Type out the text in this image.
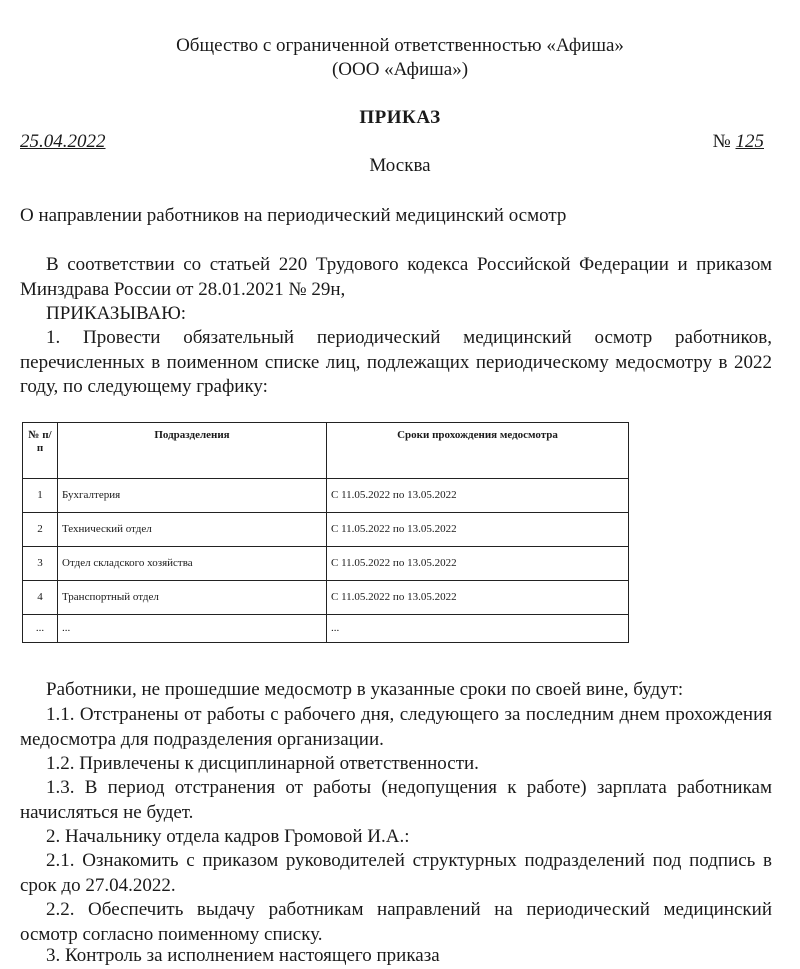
Общество с ограниченной ответственностью «Афиша»
(ООО «Афиша»)
ПРИКАЗ
25.04.2022	№ 125
Москва
О направлении работников на периодический медицинский осмотр
В соответствии со статьей 220 Трудового кодекса Российской Федерации и приказом Минздрава России от 28.01.2021 № 29н,
ПРИКАЗЫВАЮ:
1. Провести обязательный периодический медицинский осмотр работников, перечисленных в поименном списке лиц, подлежащих периодическому медосмотру в 2022 году, по следующему графику:
№ п/п	Подразделения	Сроки прохождения медосмотра
1	Бухгалтерия	С 11.05.2022 по 13.05.2022
2	Технический отдел	С 11.05.2022 по 13.05.2022
3	Отдел складского хозяйства	С 11.05.2022 по 13.05.2022
4	Транспортный отдел	С 11.05.2022 по 13.05.2022
...	...	...
Работники, не прошедшие медосмотр в указанные сроки по своей вине, будут:
1.1. Отстранены от работы с рабочего дня, следующего за последним днем прохождения медосмотра для подразделения организации.
1.2. Привлечены к дисциплинарной ответственности.
1.3. В период отстранения от работы (недопущения к работе) зарплата работникам начисляться не будет.
2. Начальнику отдела кадров Громовой И.А.:
2.1. Ознакомить с приказом руководителей структурных подразделений под подпись в срок до 27.04.2022.
2.2. Обеспечить выдачу работникам направлений на периодический медицинский осмотр согласно поименному списку.
3. Контроль за исполнением настоящего приказа
